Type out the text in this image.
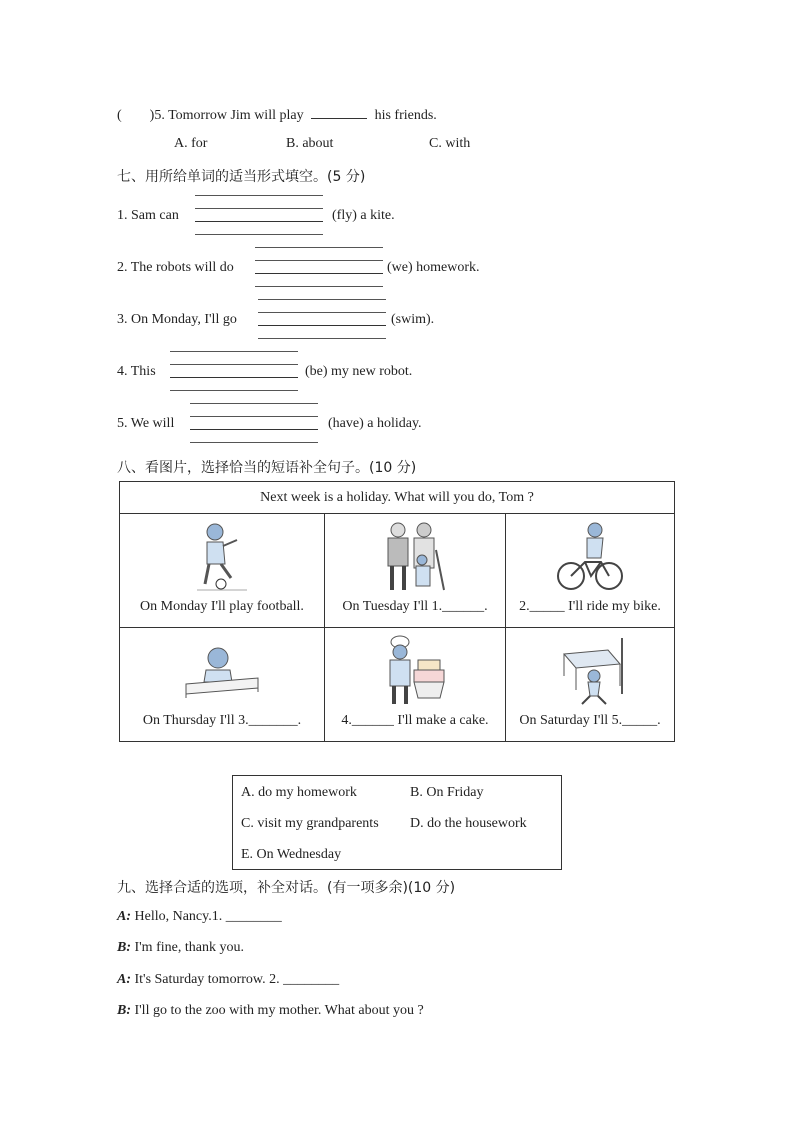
(　　)5. Tomorrow Jim will play	his friends.
A. for	B. about	C. with
七、用所给单词的适当形式填空。(5 分)
1. Sam can	(fly) a kite.
2. The robots will do	(we) homework.
3. On Monday, I'll go	(swim).
4. This	(be) my new robot.
5. We will	(have) a holiday.
八、看图片，选择恰当的短语补全句子。(10 分)
Next week is a holiday. What will you do, Tom ?		

On Monday I'll play football.	On Tuesday I'll 1.______.	2._____ I'll ride my bike.

On Thursday I'll 3._______.	4.______ I'll make a cake.	On Saturday I'll 5._____.
A. do my homework	B. On Friday
C. visit my grandparents D. do the housework
E. On Wednesday
九、选择合适的选项，补全对话。(有一项多余)(10 分)
A: Hello, Nancy.1. ________
B: I'm fine, thank you.
A: It's Saturday tomorrow. 2. ________
B: I'll go to the zoo with my mother. What about you ?
